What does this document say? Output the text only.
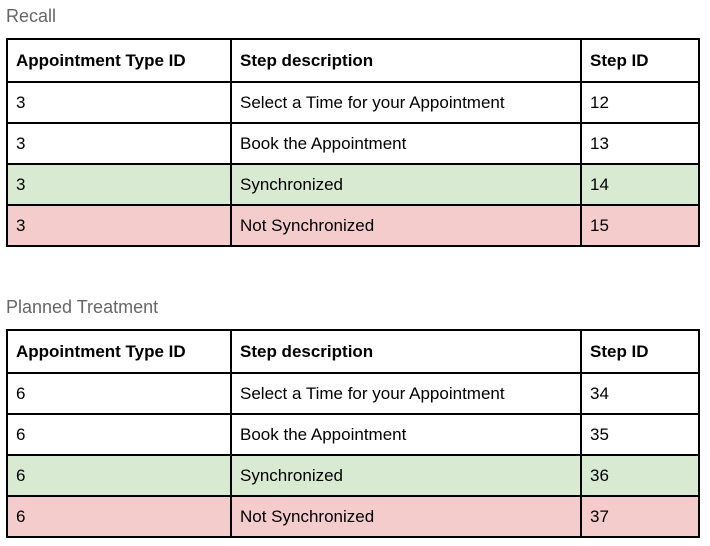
Recall
Appointment Type ID	Step description	Step ID
3	Select a Time for your Appointment	12
3	Book the Appointment	13
3	Synchronized	14
3	Not Synchronized	15
Planned Treatment
Appointment Type ID	Step description	Step ID
6	Select a Time for your Appointment	34
6	Book the Appointment	35
6	Synchronized	36
6	Not Synchronized	37
